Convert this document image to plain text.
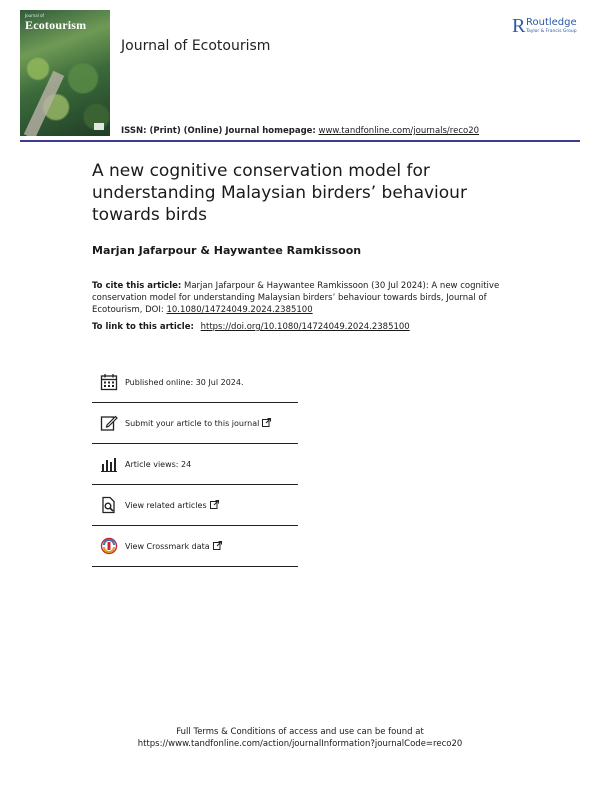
Journal of
Ecotourism
Journal of Ecotourism
R Routledge
Taylor & Francis Group
ISSN: (Print) (Online) Journal homepage: www.tandfonline.com/journals/reco20
A new cognitive conservation model for understanding Malaysian birders’ behaviour towards birds
Marjan Jafarpour & Haywantee Ramkissoon
To cite this article: Marjan Jafarpour & Haywantee Ramkissoon (30 Jul 2024): A new cognitive conservation model for understanding Malaysian birders’ behaviour towards birds, Journal of Ecotourism, DOI: 10.1080/14724049.2024.2385100
To link to this article: https://doi.org/10.1080/14724049.2024.2385100
Published online: 30 Jul 2024.
Submit your article to this journal
Article views: 24
View related articles
View Crossmark data
Full Terms & Conditions of access and use can be found at
https://www.tandfonline.com/action/journalInformation?journalCode=reco20
